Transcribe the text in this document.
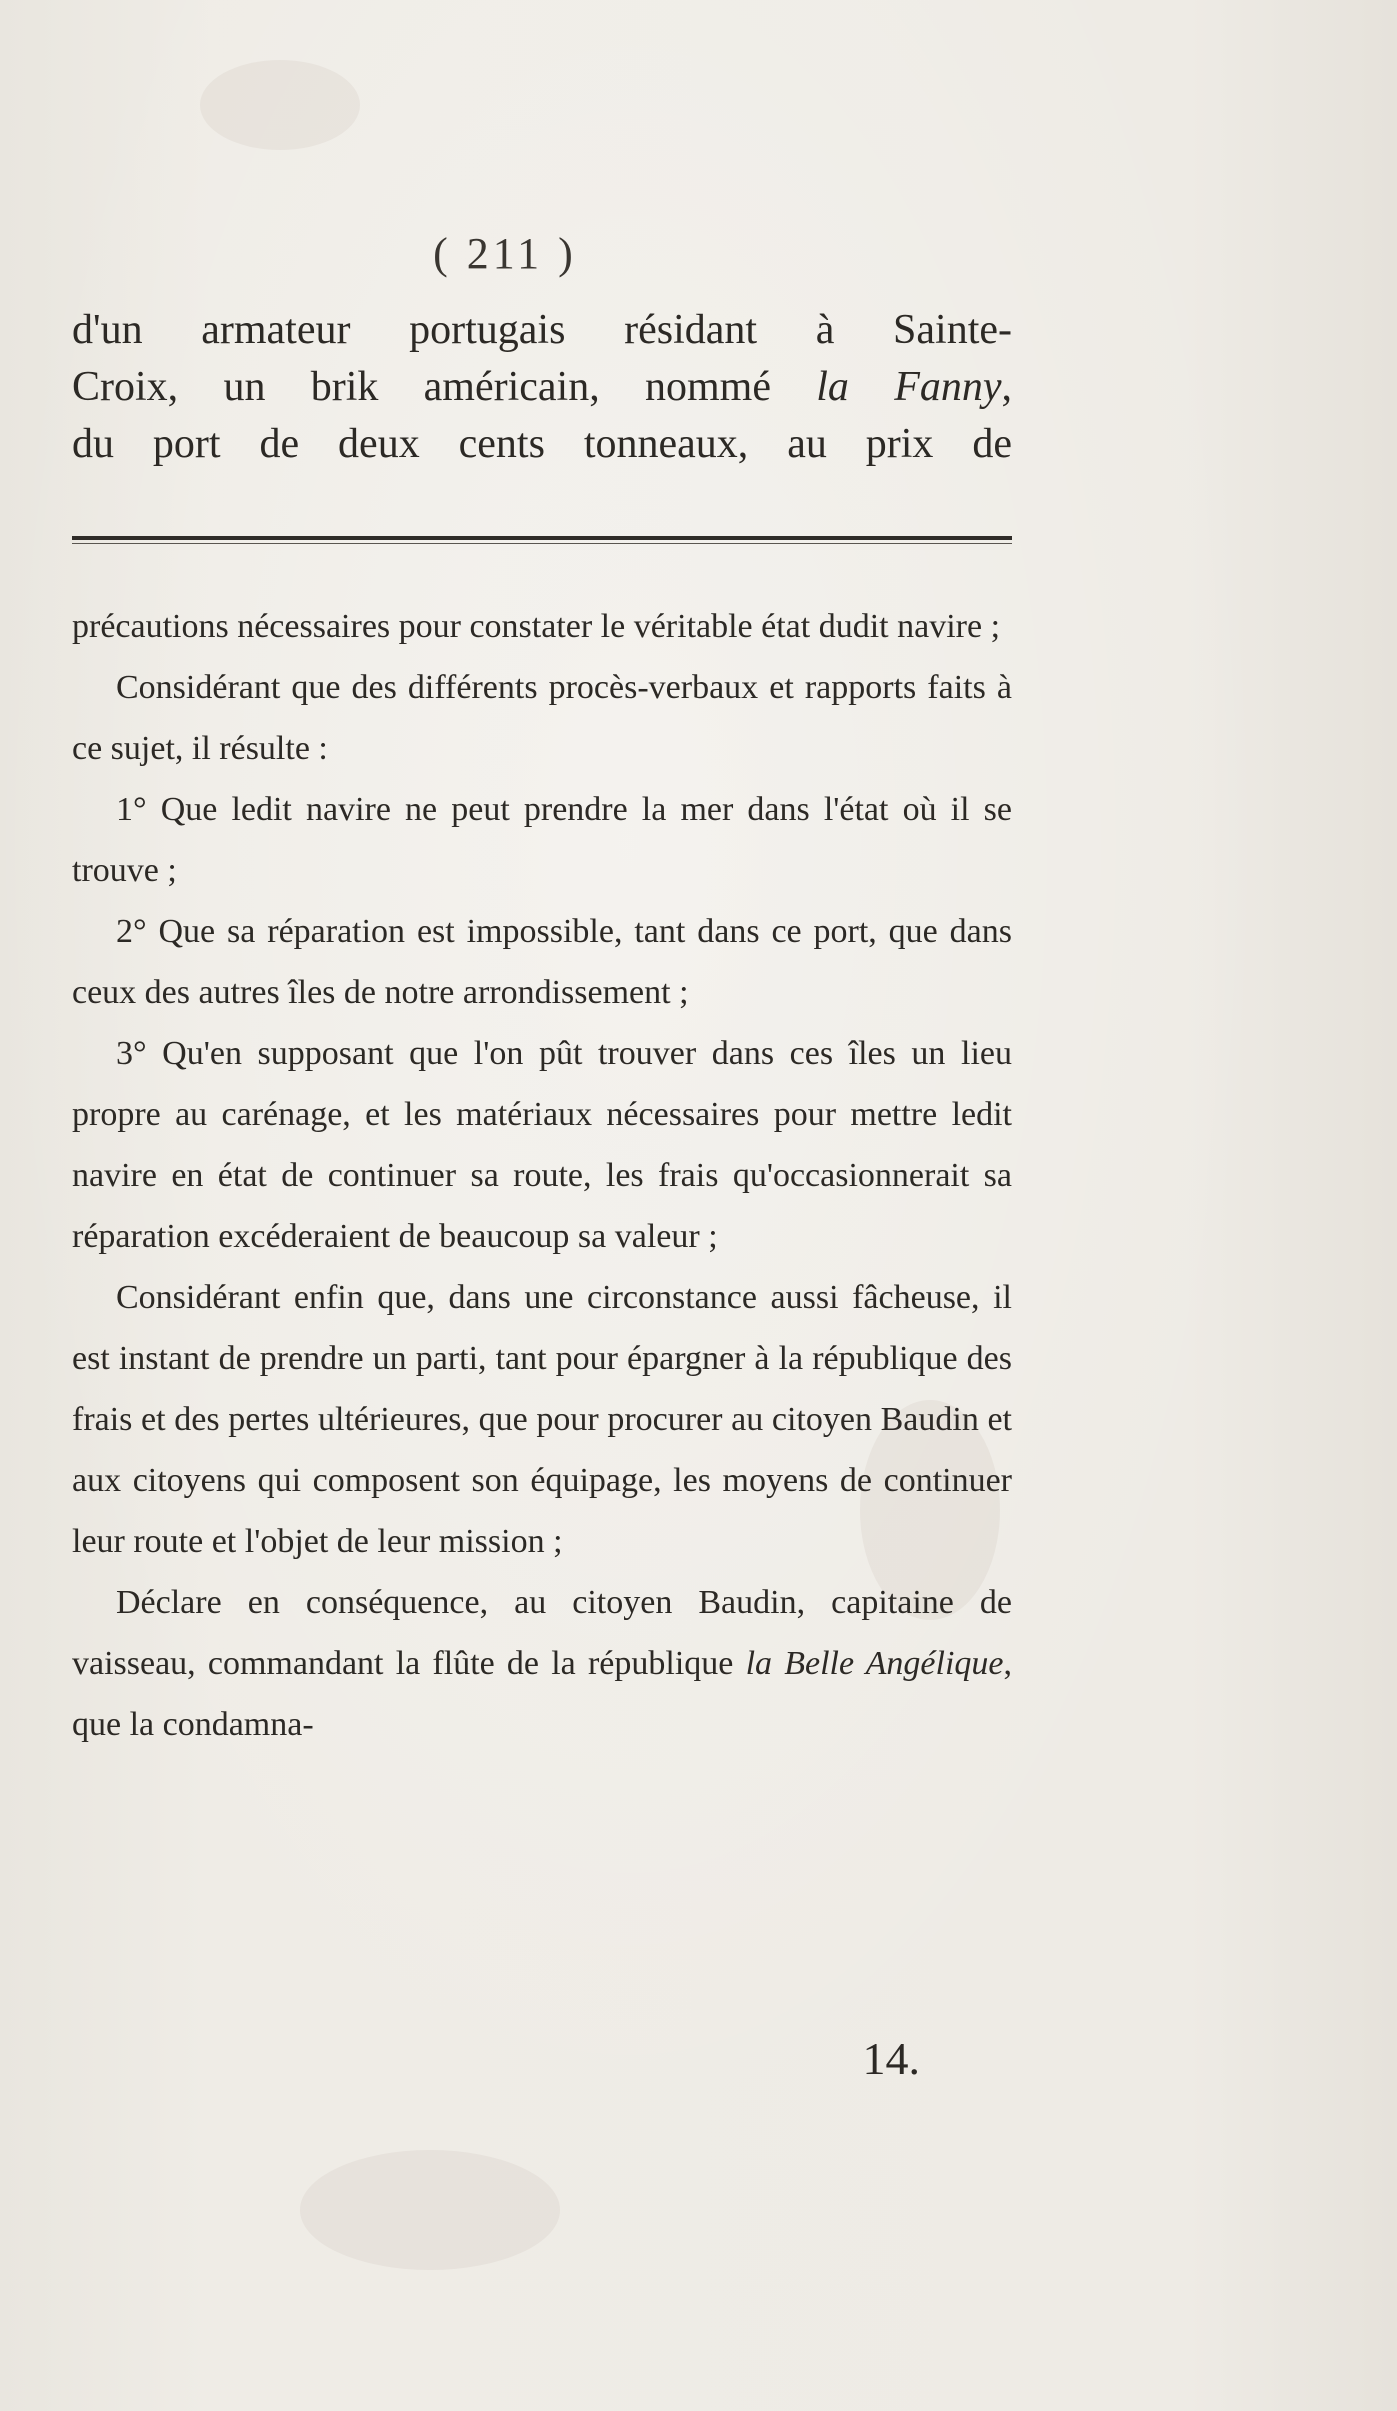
( 211 )

d'un armateur portugais résidant à Sainte-

Croix, un brik américain, nommé la Fanny,

du port de deux cents tonneaux, au prix de

précautions nécessaires pour constater le véritable état dudit navire ;

Considérant que des différents procès-verbaux et rapports faits à ce sujet, il résulte :

1° Que ledit navire ne peut prendre la mer dans l'état où il se trouve ;

2° Que sa réparation est impossible, tant dans ce port, que dans ceux des autres îles de notre arrondissement ;

3° Qu'en supposant que l'on pût trouver dans ces îles un lieu propre au carénage, et les matériaux nécessaires pour mettre ledit navire en état de continuer sa route, les frais qu'occasionnerait sa réparation excéderaient de beaucoup sa valeur ;

Considérant enfin que, dans une circonstance aussi fâcheuse, il est instant de prendre un parti, tant pour épargner à la république des frais et des pertes ultérieures, que pour procurer au citoyen Baudin et aux citoyens qui composent son équipage, les moyens de continuer leur route et l'objet de leur mission ;

Déclare en conséquence, au citoyen Baudin, capitaine de vaisseau, commandant la flûte de la république la Belle Angélique, que la condamna-

14.
